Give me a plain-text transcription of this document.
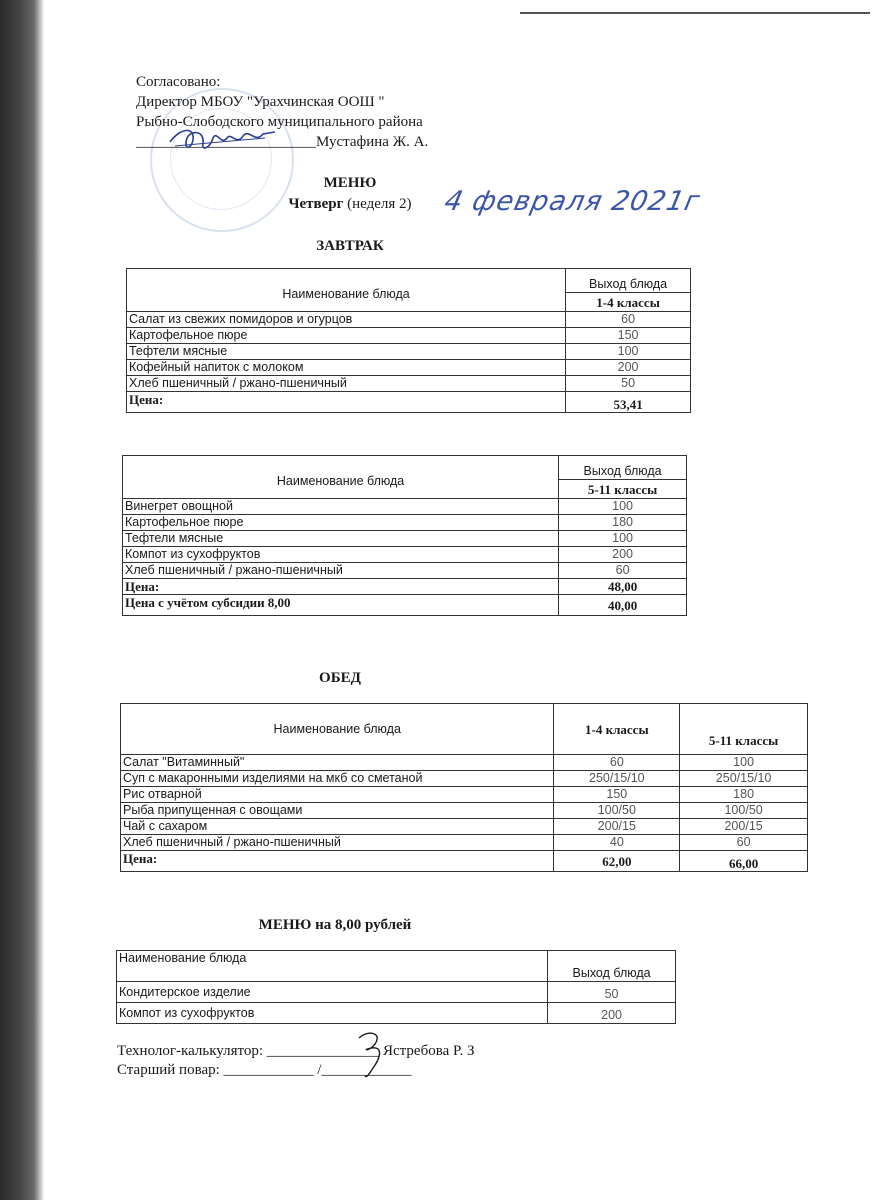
Согласовано:
Директор МБОУ "Урахчинская ООШ "
Рыбно-Слободского муниципального района
________________________Мустафина Ж. А.
МЕНЮ
Четверг (неделя 2)	4 февраля 2021г
ЗАВТРАК
Наименование блюда	Выход блюда
	1-4 классы
Салат из свежих помидоров и огурцов	60
Картофельное пюре	150
Тефтели мясные	100
Кофейный напиток с молоком	200
Хлеб пшеничный / ржано-пшеничный	50
Цена:	53,41
Наименование блюда	Выход блюда
	5-11 классы
Винегрет овощной	100
Картофельное пюре	180
Тефтели мясные	100
Компот из сухофруктов	200
Хлеб пшеничный / ржано-пшеничный	60
Цена:	48,00
Цена с учётом субсидии 8,00	40,00
ОБЕД
Наименование блюда	1-4 классы	5-11 классы
Салат "Витаминный"	60	100
Суп с макаронными изделиями на мкб со сметаной	250/15/10	250/15/10
Рис отварной	150	180
Рыба припущенная с овощами	100/50	100/50
Чай с сахаром	200/15	200/15
Хлеб пшеничный / ржано-пшеничный	40	60
Цена:	62,00	66,00
МЕНЮ на 8,00 рублей
Наименование блюда	Выход блюда
Кондитерское изделие	50
Компот из сухофруктов	200
Технолог-калькулятор: _______________ Ястребова Р. З
Старший повар: ____________ /____________
